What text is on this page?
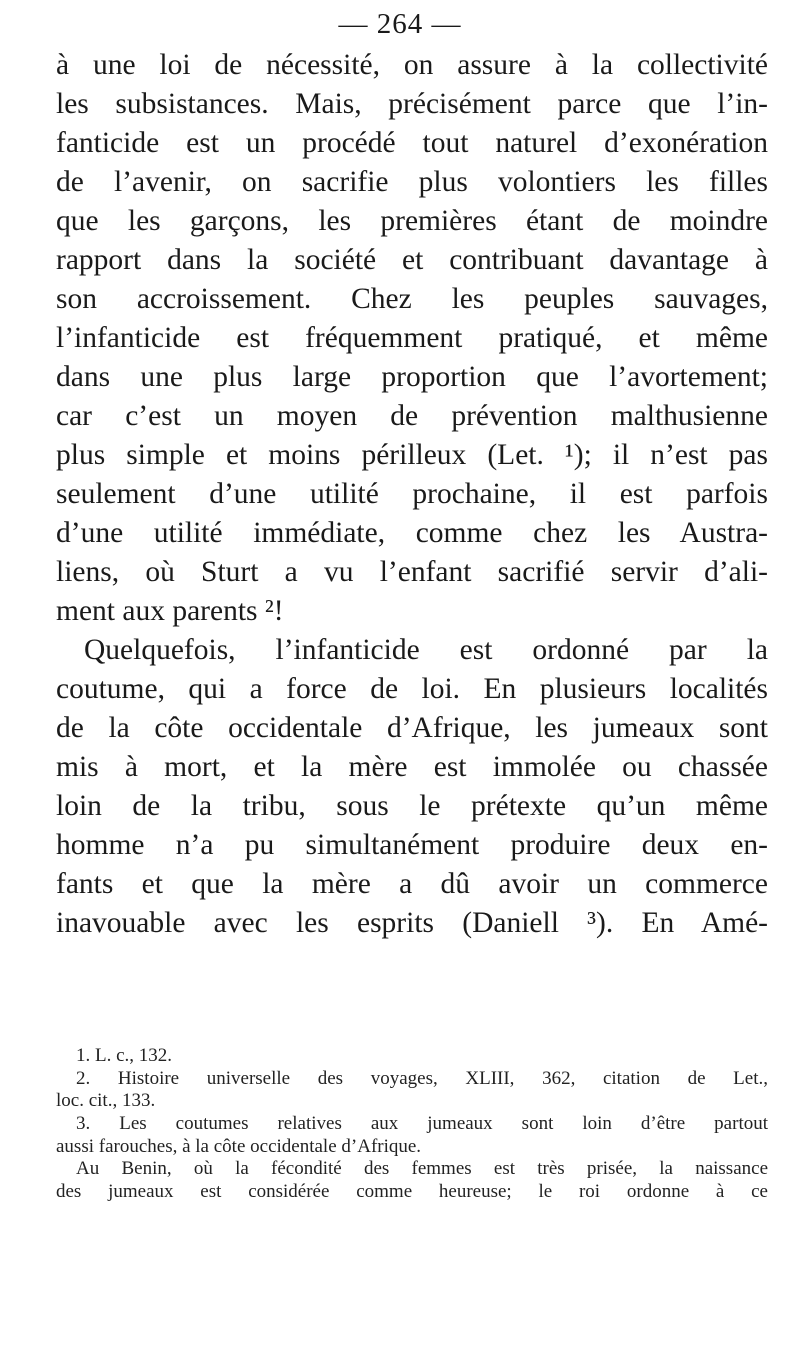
— 264 —
à une loi de nécessité, on assure à la collectivité
les subsistances. Mais, précisément parce que l’in-
fanticide est un procédé tout naturel d’exonération
de l’avenir, on sacrifie plus volontiers les filles
que les garçons, les premières étant de moindre
rapport dans la société et contribuant davantage à
son accroissement. Chez les peuples sauvages,
l’infanticide est fréquemment pratiqué, et même
dans une plus large proportion que l’avortement;
car c’est un moyen de prévention malthusienne
plus simple et moins périlleux (Let. ¹); il n’est pas
seulement d’une utilité prochaine, il est parfois
d’une utilité immédiate, comme chez les Austra-
liens, où Sturt a vu l’enfant sacrifié servir d’ali-
ment aux parents ²!
Quelquefois, l’infanticide est ordonné par la
coutume, qui a force de loi. En plusieurs localités
de la côte occidentale d’Afrique, les jumeaux sont
mis à mort, et la mère est immolée ou chassée
loin de la tribu, sous le prétexte qu’un même
homme n’a pu simultanément produire deux en-
fants et que la mère a dû avoir un commerce
inavouable avec les esprits (Daniell ³). En Amé-
1. L. c., 132.
2. Histoire universelle des voyages, XLIII, 362, citation de Let.,
loc. cit., 133.
3. Les coutumes relatives aux jumeaux sont loin d’être partout
aussi farouches, à la côte occidentale d’Afrique.
Au Benin, où la fécondité des femmes est très prisée, la naissance
des jumeaux est considérée comme heureuse; le roi ordonne à ce
